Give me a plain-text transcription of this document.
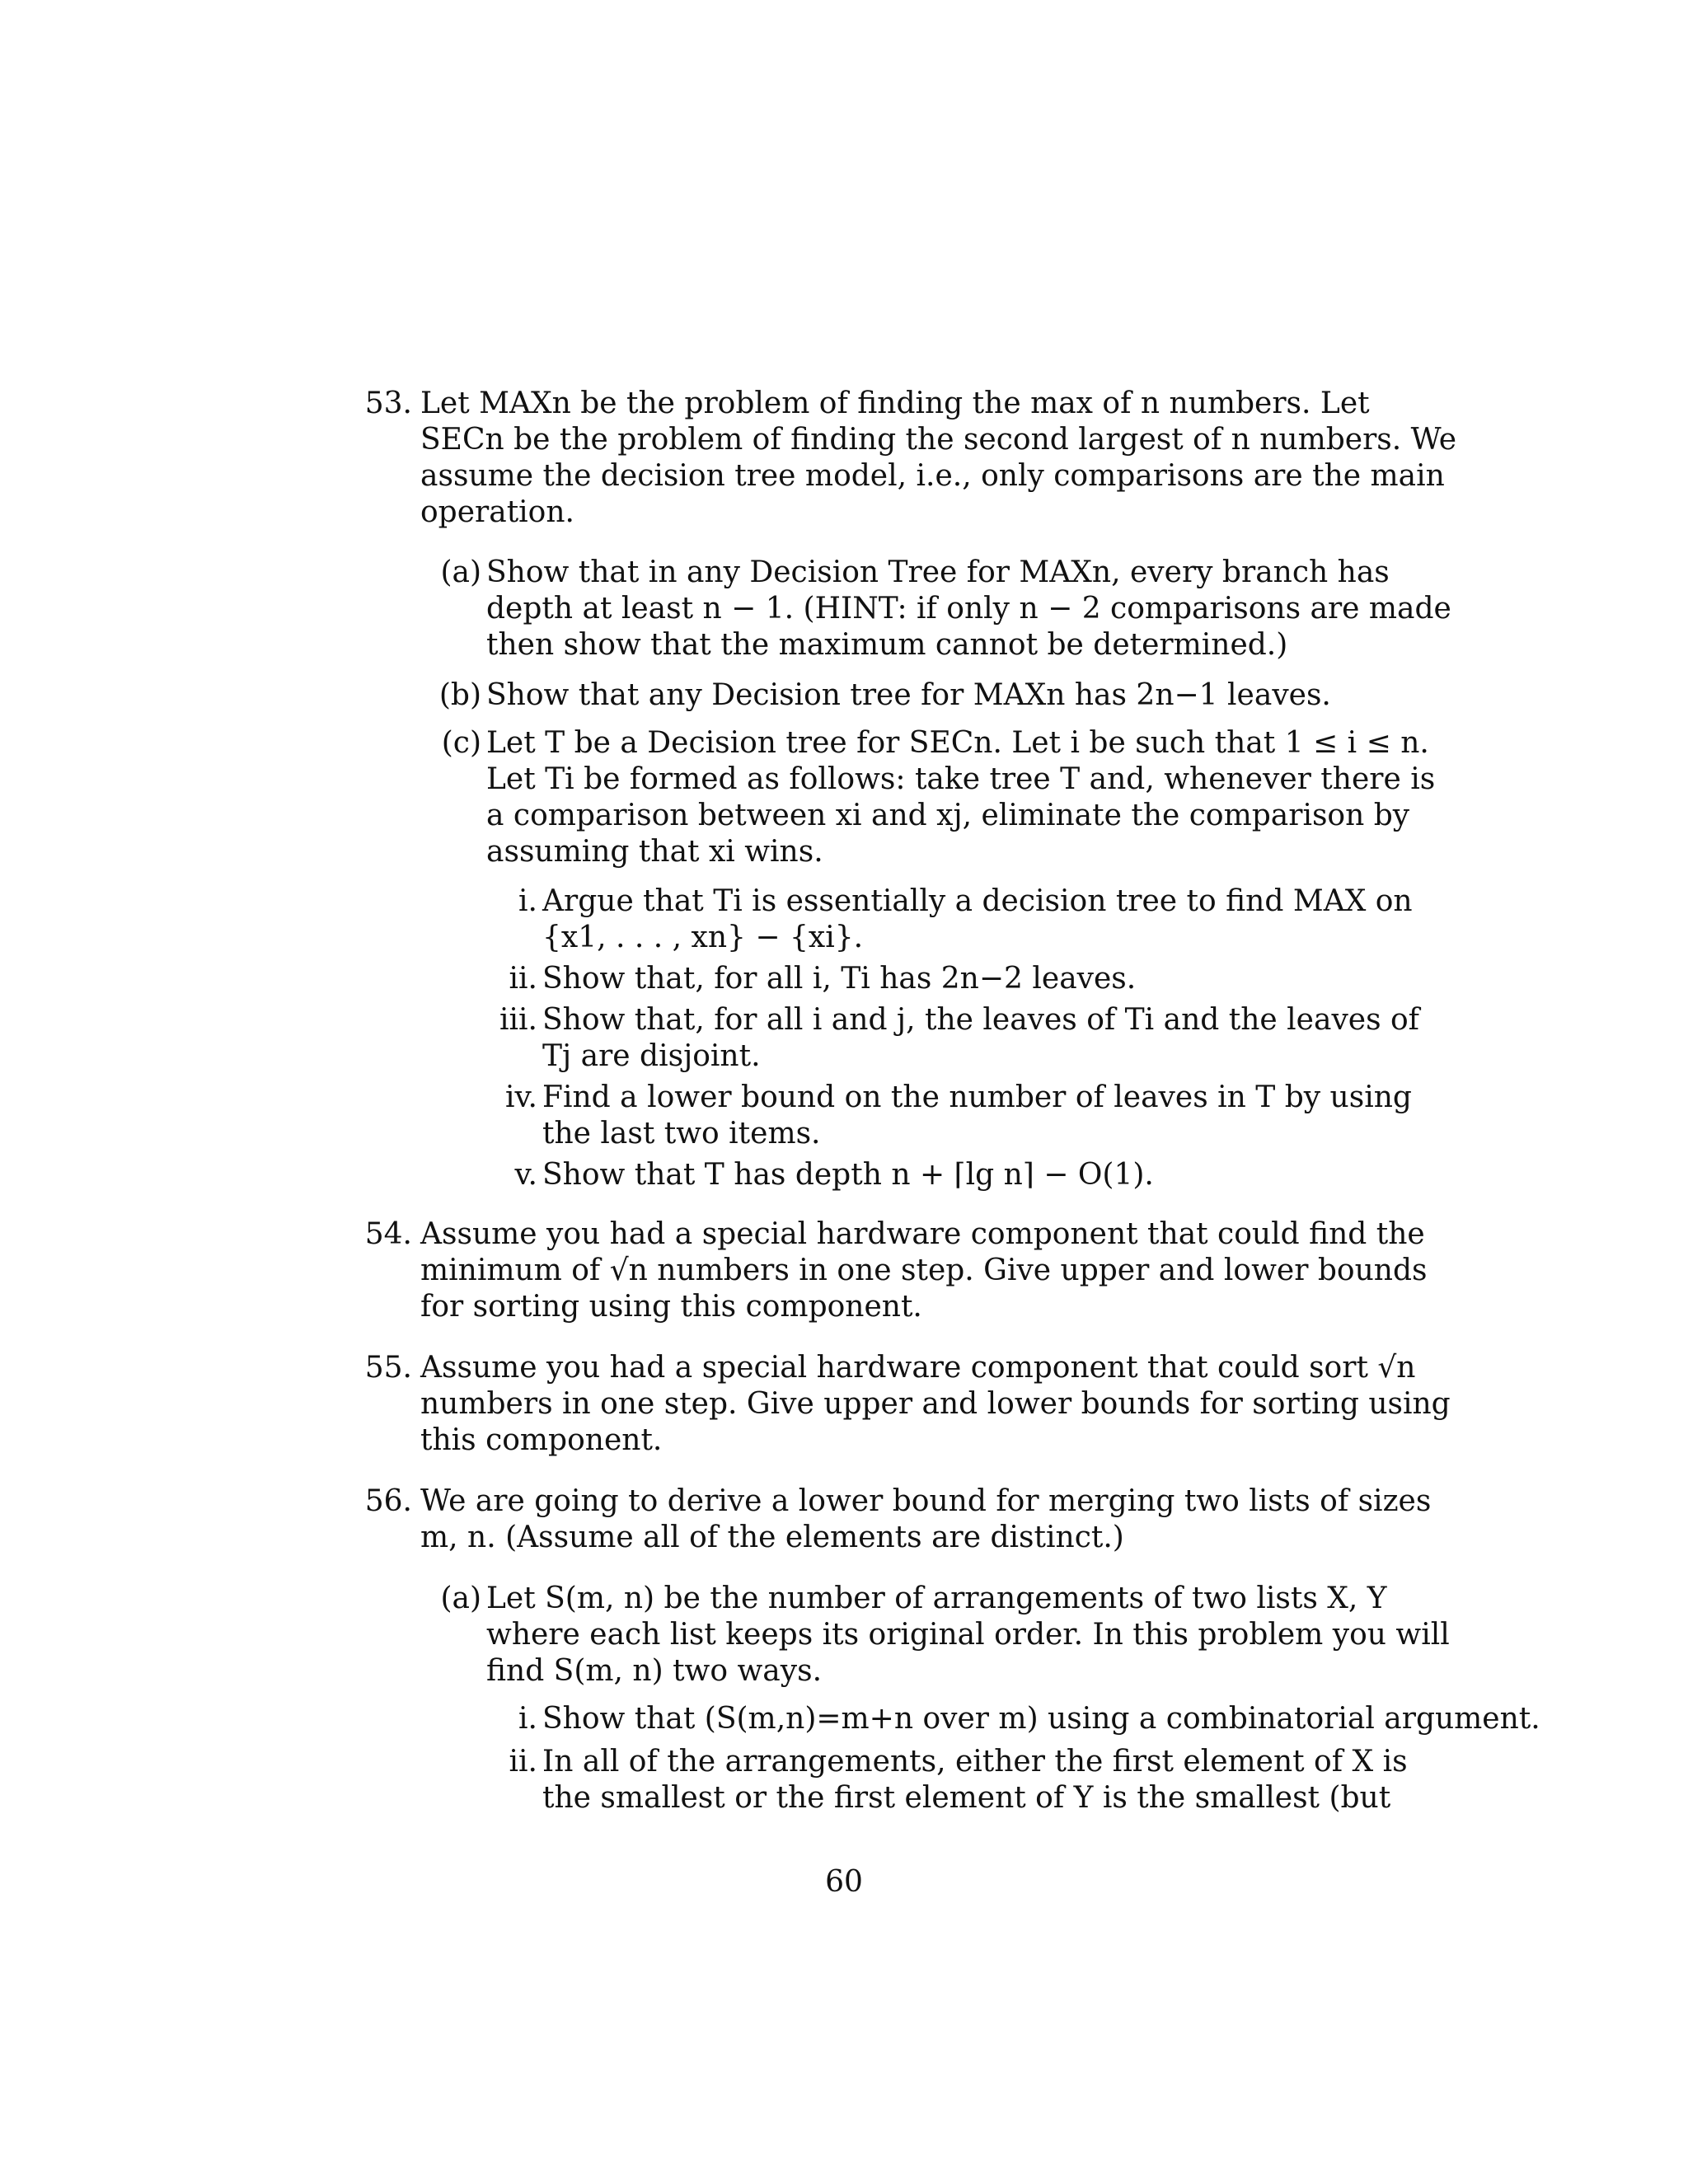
53. Let MAXn be the problem of finding the max of n numbers. Let
SECn be the problem of finding the second largest of n numbers. We
assume the decision tree model, i.e., only comparisons are the main
operation.
(a) Show that in any Decision Tree for MAXn, every branch has
depth at least n − 1. (HINT: if only n − 2 comparisons are made
then show that the maximum cannot be determined.)
(b) Show that any Decision tree for MAXn has 2n−1 leaves.
(c) Let T be a Decision tree for SECn. Let i be such that 1 ≤ i ≤ n.
Let Ti be formed as follows: take tree T and, whenever there is
a comparison between xi and xj, eliminate the comparison by
assuming that xi wins.
i. Argue that Ti is essentially a decision tree to find MAX on
{x1, . . . , xn} − {xi}.
ii. Show that, for all i, Ti has 2n−2 leaves.
iii. Show that, for all i and j, the leaves of Ti and the leaves of
Tj are disjoint.
iv. Find a lower bound on the number of leaves in T by using
the last two items.
v. Show that T has depth n + ⌈lg n⌉ − O(1).
54. Assume you had a special hardware component that could find the
minimum of √n numbers in one step. Give upper and lower bounds
for sorting using this component.
55. Assume you had a special hardware component that could sort √n
numbers in one step. Give upper and lower bounds for sorting using
this component.
56. We are going to derive a lower bound for merging two lists of sizes
m, n. (Assume all of the elements are distinct.)
(a) Let S(m, n) be the number of arrangements of two lists X, Y
where each list keeps its original order. In this problem you will
find S(m, n) two ways.
i. Show that (S(m,n)=m+n over m) using a combinatorial argument.
ii. In all of the arrangements, either the first element of X is
the smallest or the first element of Y is the smallest (but
60
